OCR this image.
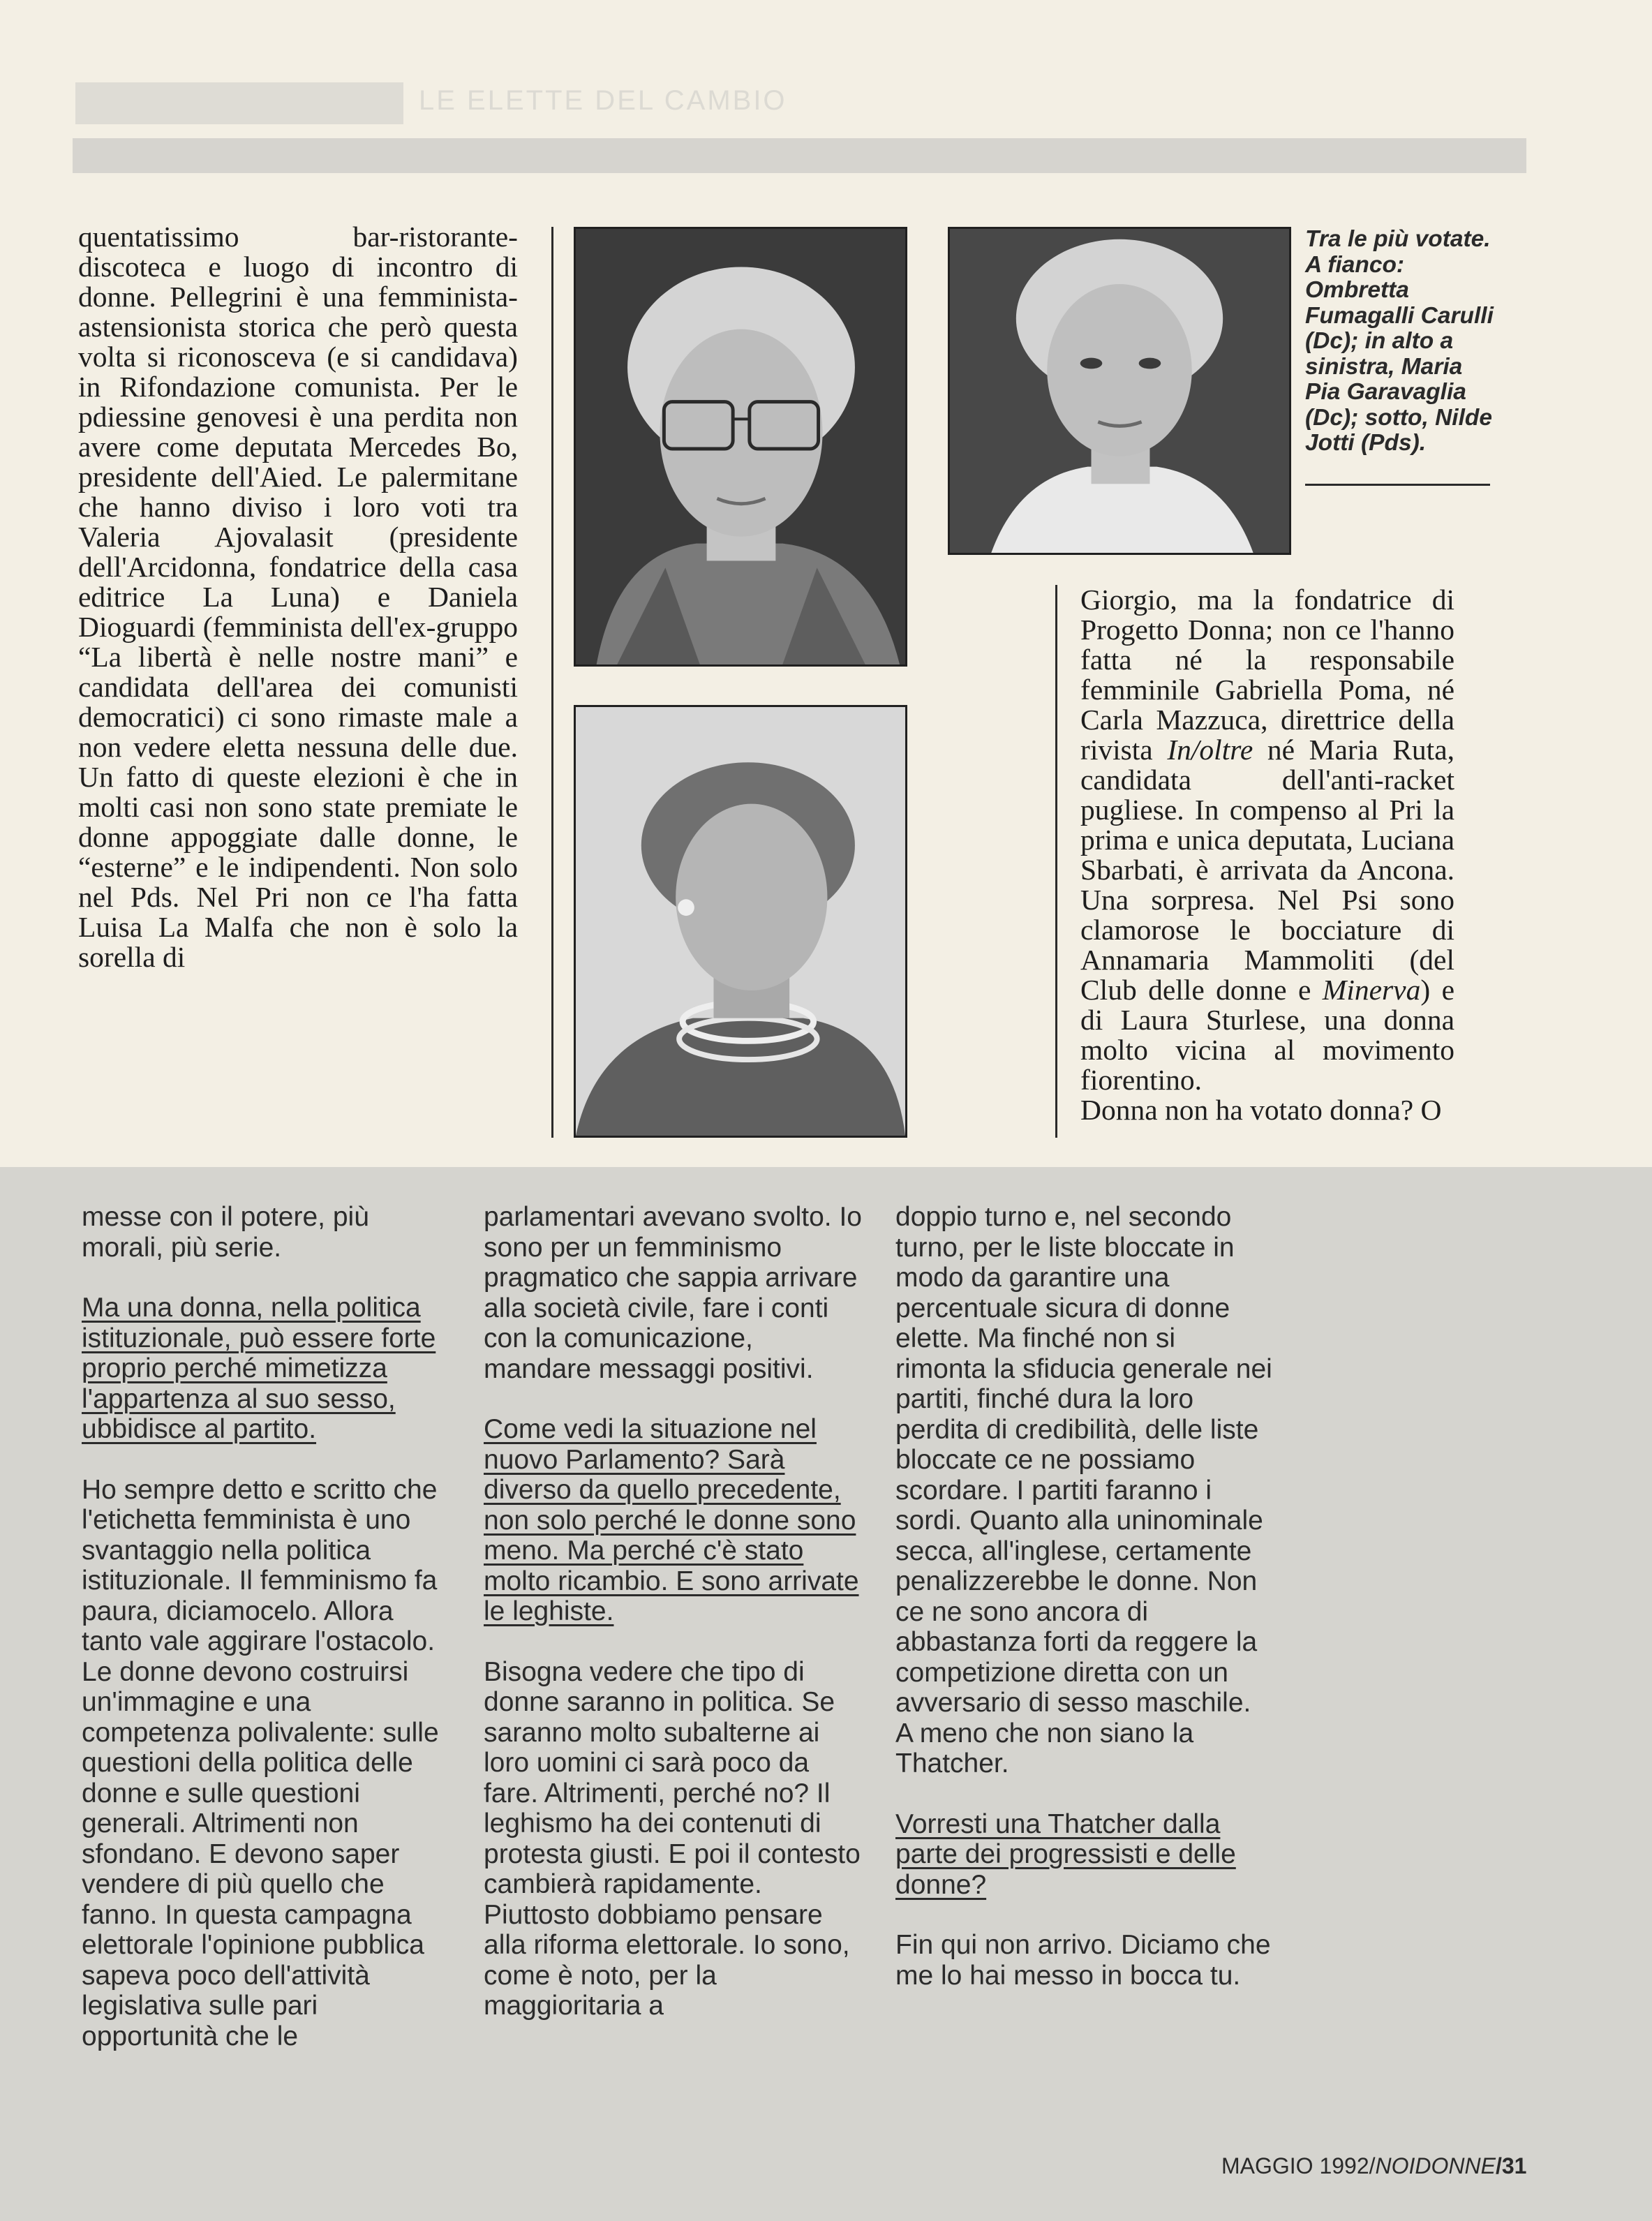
LE ELETTE DEL CAMBIO

quentatissimo bar-ristorante-discoteca e luogo di incontro di donne. Pellegrini è una femminista-astensionista storica che però questa volta si riconosceva (e si candidava) in Rifondazione comunista. Per le pdiessine genovesi è una perdita non avere come deputata Mercedes Bo, presidente dell'Aied. Le palermitane che hanno diviso i loro voti tra Valeria Ajovalasit (presidente dell'Arcidonna, fondatrice della casa editrice La Luna) e Daniela Dioguardi (femminista dell'ex-gruppo “La libertà è nelle nostre mani” e candidata dell'area dei comunisti democratici) ci sono rimaste male a non vedere eletta nessuna delle due. Un fatto di queste elezioni è che in molti casi non sono state premiate le donne appoggiate dalle donne, le “esterne” e le indipendenti. Non solo nel Pds. Nel Pri non ce l'ha fatta Luisa La Malfa che non è solo la sorella di

Tra le più votate. A fianco: Ombretta Fumagalli Carulli (Dc); in alto a sinistra, Maria Pia Garavaglia (Dc); sotto, Nilde Jotti (Pds).

Giorgio, ma la fondatrice di Progetto Donna; non ce l'hanno fatta né la responsabile femminile Gabriella Poma, né Carla Mazzuca, direttrice della rivista In/oltre né Maria Ruta, candidata dell'anti-racket pugliese. In compenso al Pri la prima e unica deputata, Luciana Sbarbati, è arrivata da Ancona. Una sorpresa. Nel Psi sono clamorose le bocciature di Annamaria Mammoliti (del Club delle donne e Minerva) e di Laura Sturlese, una donna molto vicina al movimento fiorentino.

Donna non ha votato donna? O

messe con il potere, più morali, più serie.

Ma una donna, nella politica istituzionale, può essere forte proprio perché mimetizza l'appartenza al suo sesso, ubbidisce al partito.

Ho sempre detto e scritto che l'etichetta femminista è uno svantaggio nella politica istituzionale. Il femminismo fa paura, diciamocelo. Allora tanto vale aggirare l'ostacolo. Le donne devono costruirsi un'immagine e una competenza polivalente: sulle questioni della politica delle donne e sulle questioni generali. Altrimenti non sfondano. E devono saper vendere di più quello che fanno. In questa campagna elettorale l'opinione pubblica sapeva poco dell'attività legislativa sulle pari opportunità che le

parlamentari avevano svolto. Io sono per un femminismo pragmatico che sappia arrivare alla società civile, fare i conti con la comunicazione, mandare messaggi positivi.

Come vedi la situazione nel nuovo Parlamento? Sarà diverso da quello precedente, non solo perché le donne sono meno. Ma perché c'è stato molto ricambio. E sono arrivate le leghiste.

Bisogna vedere che tipo di donne saranno in politica. Se saranno molto subalterne ai loro uomini ci sarà poco da fare. Altrimenti, perché no? Il leghismo ha dei contenuti di protesta giusti. E poi il contesto cambierà rapidamente. Piuttosto dobbiamo pensare alla riforma elettorale. Io sono, come è noto, per la maggioritaria a

doppio turno e, nel secondo turno, per le liste bloccate in modo da garantire una percentuale sicura di donne elette. Ma finché non si rimonta la sfiducia generale nei partiti, finché dura la loro perdita di credibilità, delle liste bloccate ce ne possiamo scordare. I partiti faranno i sordi. Quanto alla uninominale secca, all'inglese, certamente penalizzerebbe le donne. Non ce ne sono ancora di abbastanza forti da reggere la competizione diretta con un avversario di sesso maschile. A meno che non siano la Thatcher.

Vorresti una Thatcher dalla parte dei progressisti e delle donne?

Fin qui non arrivo. Diciamo che me lo hai messo in bocca tu.

MAGGIO 1992/NOIDONNE/31
